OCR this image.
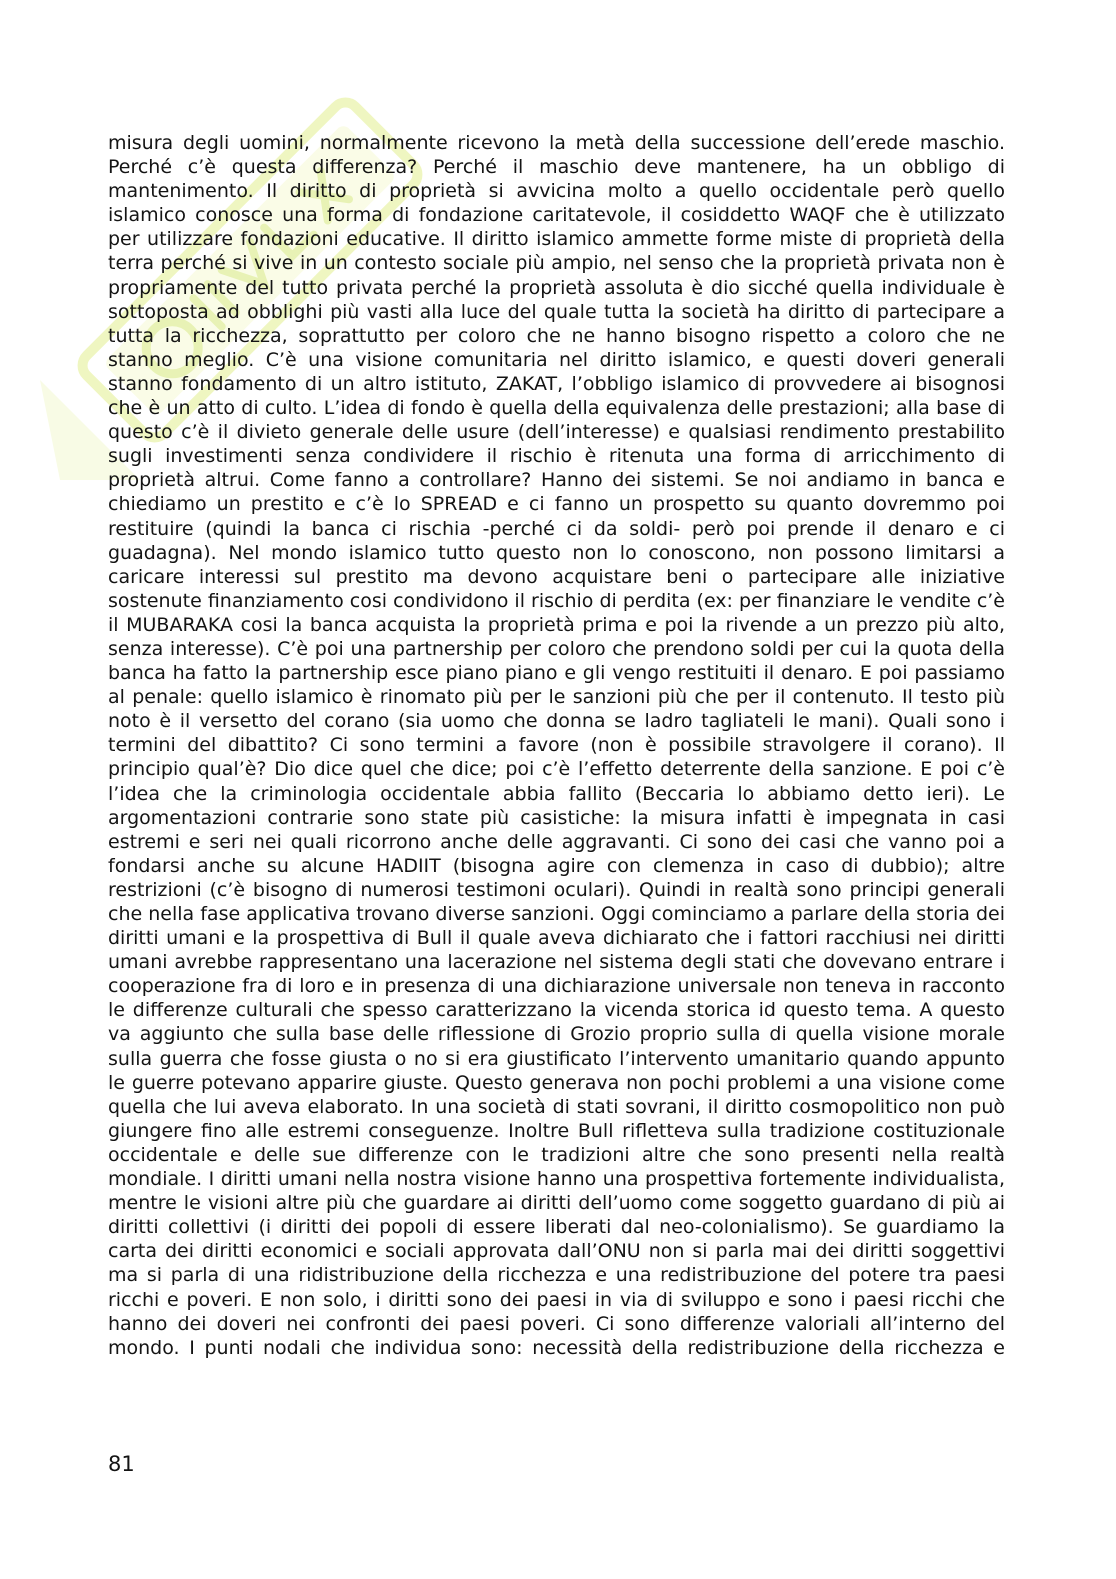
misura degli uomini, normalmente ricevono la metà della successione dell’erede maschio. Perché c’è questa differenza? Perché il maschio deve mantenere, ha un obbligo di mantenimento. Il diritto di proprietà si avvicina molto a quello occidentale però quello islamico conosce una forma di fondazione caritatevole, il cosiddetto WAQF che è utilizzato per utilizzare fondazioni educative. Il diritto islamico ammette forme miste di proprietà della terra perché si vive in un contesto sociale più ampio, nel senso che la proprietà privata non è propriamente del tutto privata perché la proprietà assoluta è dio sicché quella individuale è sottoposta ad obblighi più vasti alla luce del quale tutta la società ha diritto di partecipare a tutta la ricchezza, soprattutto per coloro che ne hanno bisogno rispetto a coloro che ne stanno meglio. C’è una visione comunitaria nel diritto islamico, e questi doveri generali stanno fondamento di un altro istituto, ZAKAT, l’obbligo islamico di provvedere ai bisognosi che è un atto di culto. L’idea di fondo è quella della equivalenza delle prestazioni; alla base di questo c’è il divieto generale delle usure (dell’interesse) e qualsiasi rendimento prestabilito sugli investimenti senza condividere il rischio è ritenuta una forma di arricchimento di proprietà altrui. Come fanno a controllare? Hanno dei sistemi. Se noi andiamo in banca e chiediamo un prestito e c’è lo SPREAD e ci fanno un prospetto su quanto dovremmo poi restituire (quindi la banca ci rischia -perché ci da soldi- però poi prende il denaro e ci guadagna). Nel mondo islamico tutto questo non lo conoscono, non possono limitarsi a caricare interessi sul prestito ma devono acquistare beni o partecipare alle iniziative sostenute finanziamento cosi condividono il rischio di perdita (ex: per finanziare le vendite c’è il MUBARAKA cosi la banca acquista la proprietà prima e poi la rivende a un prezzo più alto, senza interesse). C’è poi una partnership per coloro che prendono soldi per cui la quota della banca ha fatto la partnership esce piano piano e gli vengo restituiti il denaro. E poi passiamo al penale: quello islamico è rinomato più per le sanzioni più che per il contenuto. Il testo più noto è il versetto del corano (sia uomo che donna se ladro tagliateli le mani). Quali sono i termini del dibattito? Ci sono termini a favore (non è possibile stravolgere il corano). Il principio qual’è? Dio dice quel che dice; poi c’è l’effetto deterrente della sanzione. E poi c’è l’idea che la criminologia occidentale abbia fallito (Beccaria lo abbiamo detto ieri). Le argomentazioni contrarie sono state più casistiche: la misura infatti è impegnata in casi estremi e seri nei quali ricorrono anche delle aggravanti. Ci sono dei casi che vanno poi a fondarsi anche su alcune HADIIT (bisogna agire con clemenza in caso di dubbio); altre restrizioni (c’è bisogno di numerosi testimoni oculari). Quindi in realtà sono principi generali che nella fase applicativa trovano diverse sanzioni. Oggi cominciamo a parlare della storia dei diritti umani e la prospettiva di Bull il quale aveva dichiarato che i fattori racchiusi nei diritti umani avrebbe rappresentano una lacerazione nel sistema degli stati che dovevano entrare i cooperazione fra di loro e in presenza di una dichiarazione universale non teneva in racconto le differenze culturali che spesso caratterizzano la vicenda storica id questo tema. A questo va aggiunto che sulla base delle riflessione di Grozio proprio sulla di quella visione morale sulla guerra che fosse giusta o no si era giustificato l’intervento umanitario quando appunto le guerre potevano apparire giuste. Questo generava non pochi problemi a una visione come quella che lui aveva elaborato. In una società di stati sovrani, il diritto cosmopolitico non può giungere fino alle estremi conseguenze. Inoltre Bull rifletteva sulla tradizione costituzionale occidentale e delle sue differenze con le tradizioni altre che sono presenti nella realtà mondiale. I diritti umani nella nostra visione hanno una prospettiva fortemente individualista, mentre le visioni altre più che guardare ai diritti dell’uomo come soggetto guardano di più ai diritti collettivi (i diritti dei popoli di essere liberati dal neo-colonialismo). Se guardiamo la carta dei diritti economici e sociali approvata dall’ONU non si parla mai dei diritti soggettivi ma si parla di una ridistribuzione della ricchezza e una redistribuzione del potere tra paesi ricchi e poveri. E non solo, i diritti sono dei paesi in via di sviluppo e sono i paesi ricchi che hanno dei doveri nei confronti dei paesi poveri. Ci sono differenze valoriali all’interno del mondo. I punti nodali che individua sono: necessità della redistribuzione della ricchezza e

81
